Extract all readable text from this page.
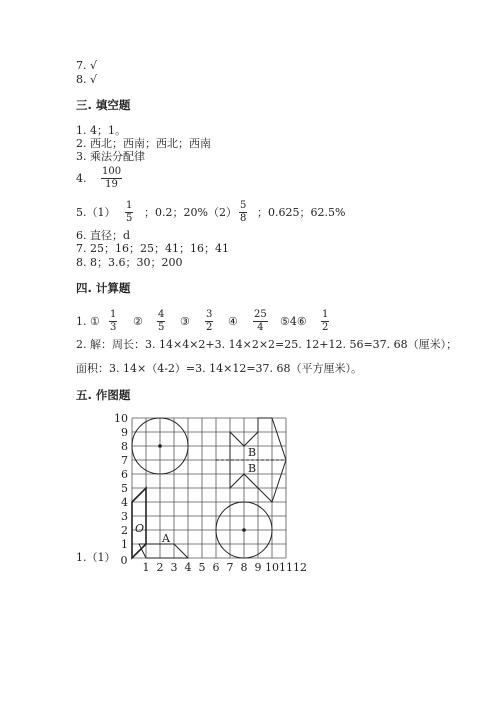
7. √
8. √
三. 填空题
1. 4；1。
2. 西北；西南；西北；西南
3. 乘法分配律
4.
100
19
5.（1）
1
5 ；0.2；20%（2）
5
8 ；0.625；62.5%
6. 直径；d
7. 25；16；25；41；16；41
8. 8；3.6；30；200
四. 计算题
1. ①
1
3 ②
4
5 ③
3
2 ④
25
4	⑤4⑥
1
2
2. 解：周长：3. 14×4×2+3. 14×2×2=25. 12+12. 56=37. 68（厘米）；
面积：3. 14×（4-2）=3. 14×12=37. 68（平方厘米）。
五. 作图题
1.（1）
10
9
8
7
6
5
4
3
2
1
0
1 2 3 4 5 6 7 8 9 10 11 12
O
A
B
B
